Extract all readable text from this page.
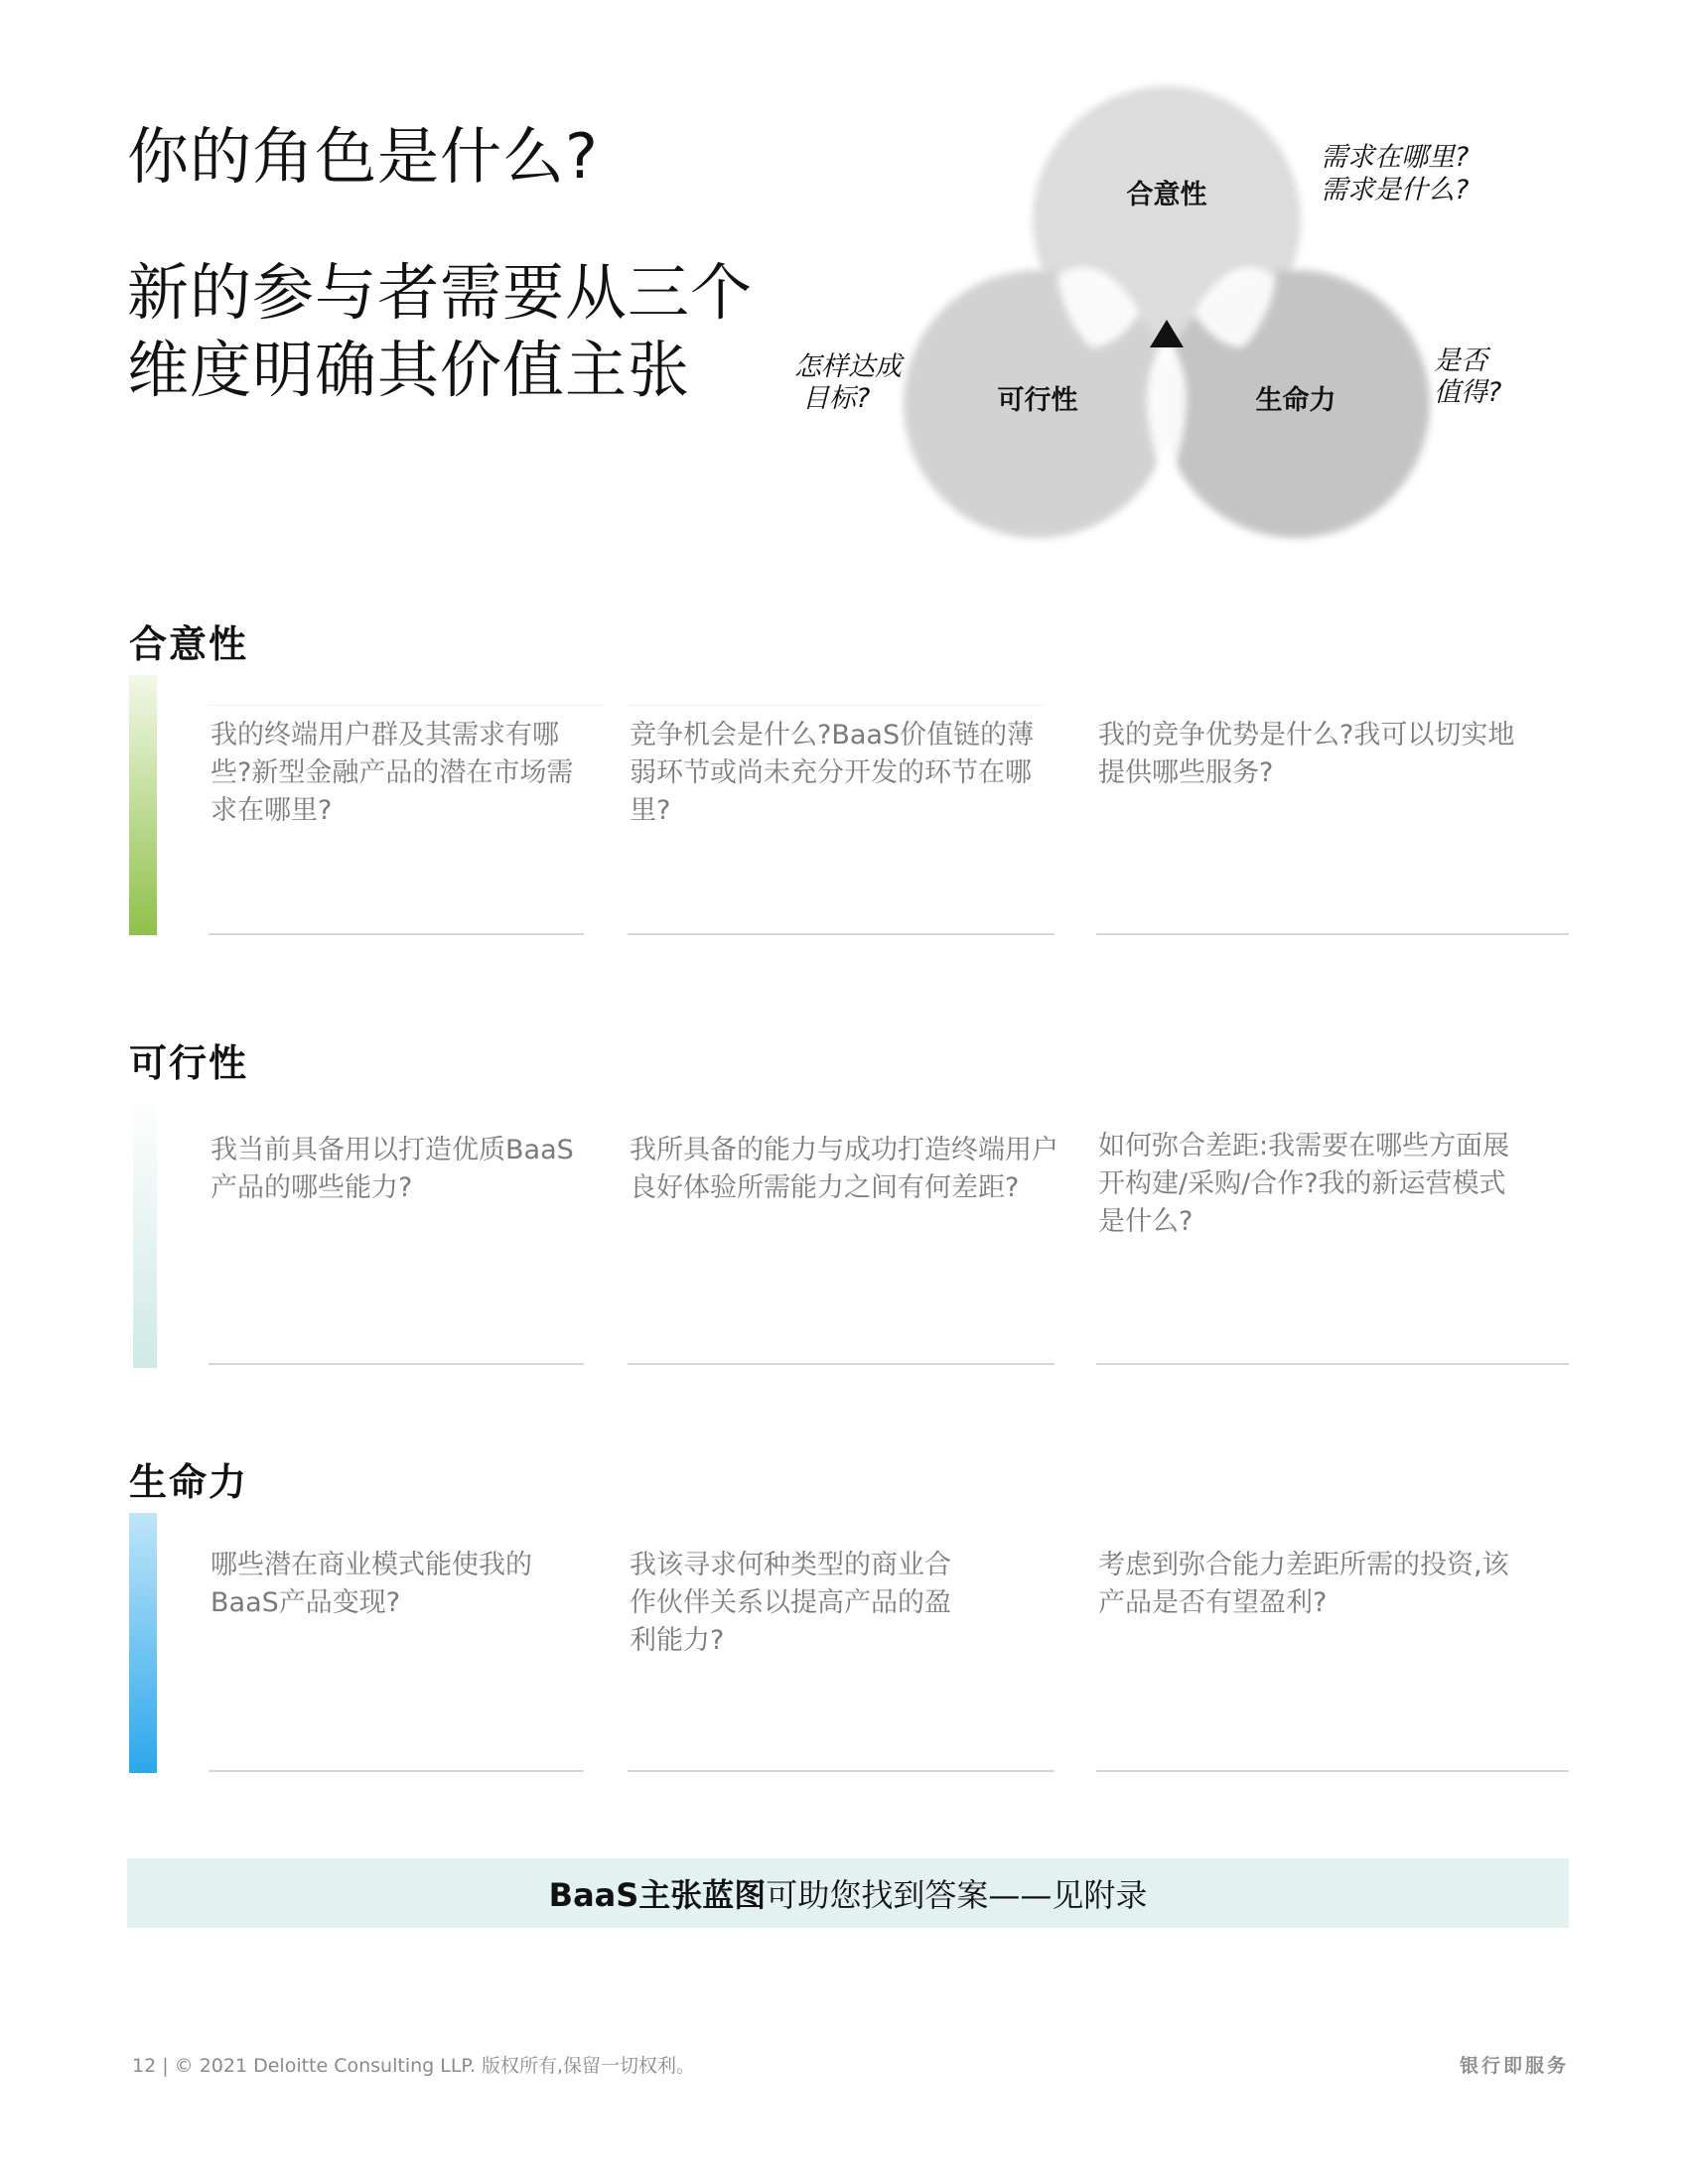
你的角色是什么?
新的参与者需要从三个维度明确其价值主张
合意性
可行性	生命力
需求在哪里?
需求是什么?
怎样达成
目标?
是否
值得?
合意性
我的终端用户群及其需求有哪些?新型金融产品的潜在市场需求在哪里?
竞争机会是什么?BaaS价值链的薄弱环节或尚未充分开发的环节在哪里?
我的竞争优势是什么?我可以切实地提供哪些服务?
可行性
我当前具备用以打造优质BaaS产品的哪些能力?
我所具备的能力与成功打造终端用户良好体验所需能力之间有何差距?
如何弥合差距:我需要在哪些方面展开构建/采购/合作?我的新运营模式是什么?
生命力
哪些潜在商业模式能使我的BaaS产品变现?
我该寻求何种类型的商业合作伙伴关系以提高产品的盈利能力?
考虑到弥合能力差距所需的投资,该产品是否有望盈利?
BaaS主张蓝图 可助您找到答案——见附录
12 | © 2021 Deloitte Consulting LLP. 版权所有,保留一切权利。	银行即服务
